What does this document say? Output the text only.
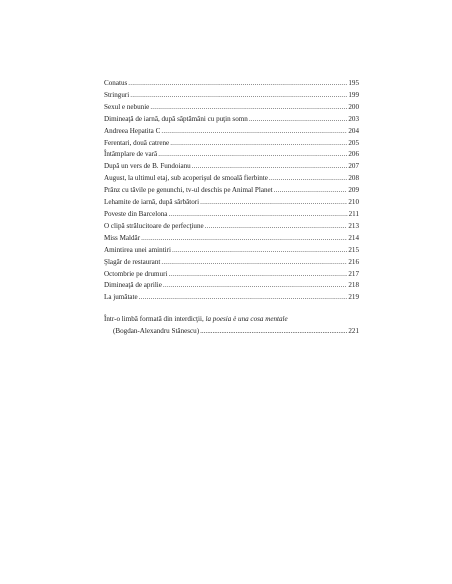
Conatus .....	195
Stringuri .....	199
Sexul e nebunie .....	200
Dimineaţă de iarnă, după săptămâni cu puţin somn .....	203
Andreea Hepatita C .....	204
Ferentari, două catrene .....	205
Întâmplare de vară .....	206
După un vers de B. Fundoianu .....	207
August, la ultimul etaj, sub acoperişul de smoală fierbinte .....	208
Prânz cu tăvile pe genunchi, tv-ul deschis pe Animal Planet .....	209
Lehamite de iarnă, după sărbători .....	210
Poveste din Barcelona .....	211
O clipă strălucitoare de perfecţiune .....	213
Miss Maldăr .....	214
Amintirea unei amintiri .....	215
Şlagăr de restaurant .....	216
Octombrie pe drumuri .....	217
Dimineaţă de aprilie .....	218
La jumătate .....	219
Într-o limbă formată din interdicţii, la poesia è una cosa mentale
(Bogdan-Alexandru Stănescu) .....	221
